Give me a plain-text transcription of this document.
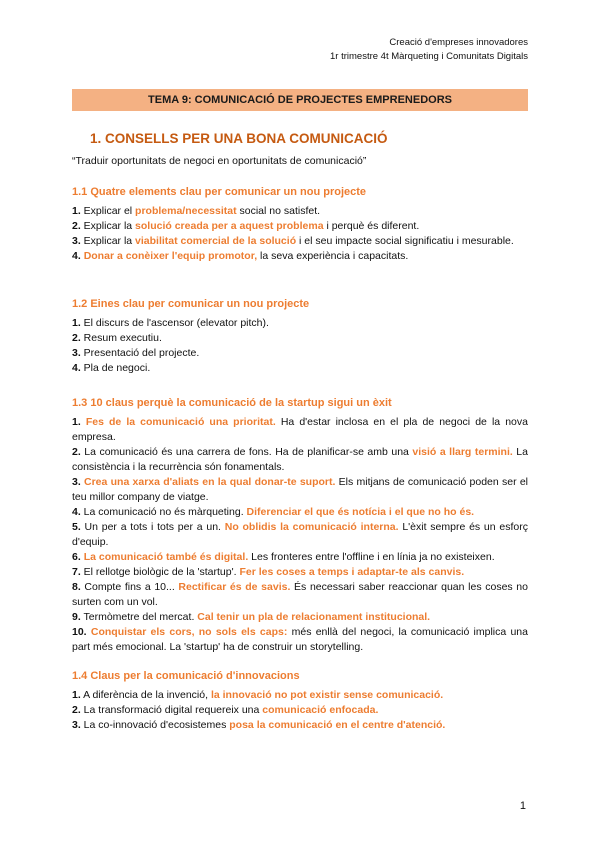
Creació d'empreses innovadores
1r trimestre 4t Màrqueting i Comunitats Digitals
TEMA 9: COMUNICACIÓ DE PROJECTES EMPRENEDORS
1. CONSELLS PER UNA BONA COMUNICACIÓ
“Traduir oportunitats de negoci en oportunitats de comunicació”
1.1 Quatre elements clau per comunicar un nou projecte
1. Explicar el problema/necessitat social no satisfet.
2. Explicar la solució creada per a aquest problema i perquè és diferent.
3. Explicar la viabilitat comercial de la solució i el seu impacte social significatiu i mesurable.
4. Donar a conèixer l'equip promotor, la seva experiència i capacitats.
1.2 Eines clau per comunicar un nou projecte
1. El discurs de l'ascensor (elevator pitch).
2. Resum executiu.
3. Presentació del projecte.
4. Pla de negoci.
1.3 10 claus perquè la comunicació de la startup sigui un èxit
1. Fes de la comunicació una prioritat. Ha d'estar inclosa en el pla de negoci de la nova empresa.
2. La comunicació és una carrera de fons. Ha de planificar-se amb una visió a llarg termini. La consistència i la recurrència són fonamentals.
3. Crea una xarxa d'aliats en la qual donar-te suport. Els mitjans de comunicació poden ser el teu millor company de viatge.
4. La comunicació no és màrqueting. Diferenciar el que és notícia i el que no ho és.
5. Un per a tots i tots per a un. No oblidis la comunicació interna. L'èxit sempre és un esforç d'equip.
6. La comunicació també és digital. Les fronteres entre l'offline i en línia ja no existeixen.
7. El rellotge biològic de la 'startup'. Fer les coses a temps i adaptar-te als canvis.
8. Compte fins a 10... Rectificar és de savis. És necessari saber reaccionar quan les coses no surten com un vol.
9. Termòmetre del mercat. Cal tenir un pla de relacionament institucional.
10. Conquistar els cors, no sols els caps: més enllà del negoci, la comunicació implica una part més emocional. La 'startup' ha de construir un storytelling.
1.4 Claus per la comunicació d'innovacions
1. A diferència de la invenció, la innovació no pot existir sense comunicació.
2. La transformació digital requereix una comunicació enfocada.
3. La co-innovació d'ecosistemes posa la comunicació en el centre d'atenció.
1
